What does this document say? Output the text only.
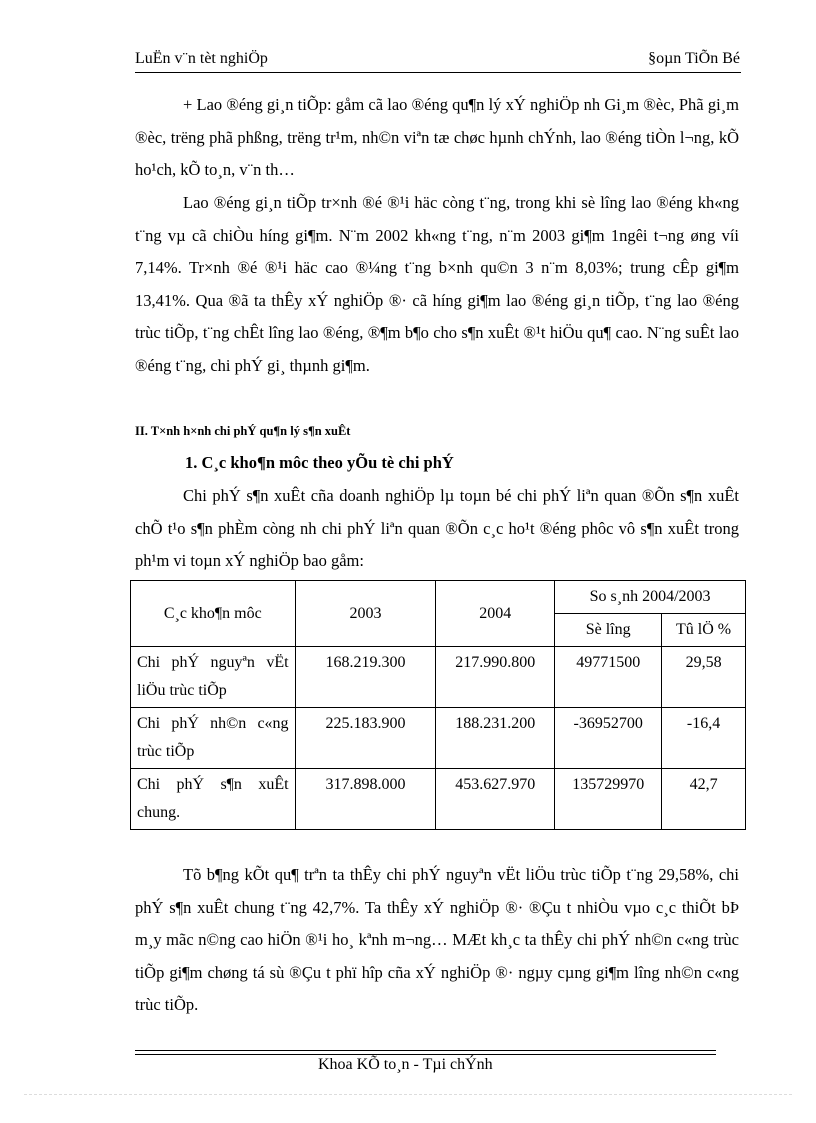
LuËn v¨n tèt nghiÖp	§oµn TiÕn Bé

+ Lao ®éng gi¸n tiÕp: gåm cã lao ®éng qu¶n lý xÝ nghiÖp nh Gi¸m ®èc, Phã gi¸m ®èc, trëng phã phßng, trëng tr¹m, nh©n viªn tæ chøc hµnh chÝnh, lao ®éng tiÒn l¬ng, kÕ ho¹ch, kÕ to¸n, v¨n th…

Lao ®éng gi¸n tiÕp tr×nh ®é ®¹i häc còng t¨ng, trong khi sè lîng lao ®éng kh«ng t¨ng vµ cã chiÒu híng gi¶m. N¨m 2002 kh«ng t¨ng, n¨m 2003 gi¶m 1ngêi t¬ng øng víi 7,14%. Tr×nh ®é ®¹i häc cao ®¼ng t¨ng b×nh qu©n 3 n¨m 8,03%; trung cÊp gi¶m 13,41%. Qua ®ã ta thÊy xÝ nghiÖp ®· cã híng gi¶m lao ®éng gi¸n tiÕp, t¨ng lao ®éng trùc tiÕp, t¨ng chÊt lîng lao ®éng, ®¶m b¶o cho s¶n xuÊt ®¹t hiÖu qu¶ cao. N¨ng suÊt lao ®éng t¨ng, chi phÝ gi¸ thµnh gi¶m.

II. T×nh h×nh chi phÝ qu¶n lý s¶n xuÊt
1. C¸c kho¶n môc theo yÕu tè chi phÝ

Chi phÝ s¶n xuÊt cña doanh nghiÖp lµ toµn bé chi phÝ liªn quan ®Õn s¶n xuÊt chÕ t¹o s¶n phÈm còng nh chi phÝ liªn quan ®Õn c¸c ho¹t ®éng phôc vô s¶n xuÊt trong ph¹m vi toµn xÝ nghiÖp bao gåm:

C¸c kho¶n môc	2003	2004	So s¸nh 2004/2003	
			Sè lîng	Tû lÖ %
Chi phÝ nguyªn vËt liÖu trùc tiÕp	168.219.300	217.990.800	49771500	29,58
Chi phÝ nh©n c«ng trùc tiÕp	225.183.900	188.231.200	-36952700	-16,4
Chi phÝ s¶n xuÊt chung.	317.898.000	453.627.970	135729970	42,7

Tõ b¶ng kÕt qu¶ trªn ta thÊy chi phÝ nguyªn vËt liÖu trùc tiÕp t¨ng 29,58%, chi phÝ s¶n xuÊt chung t¨ng 42,7%. Ta thÊy xÝ nghiÖp ®· ®Çu t nhiÒu vµo c¸c thiÕt bÞ m¸y mãc n©ng cao hiÖn ®¹i ho¸ kªnh m¬ng… MÆt kh¸c ta thÊy chi phÝ nh©n c«ng trùc tiÕp gi¶m chøng tá sù ®Çu t phï hîp cña xÝ nghiÖp ®· ngµy cµng gi¶m lîng nh©n c«ng trùc tiÕp.

Khoa KÕ to¸n - Tµi chÝnh
